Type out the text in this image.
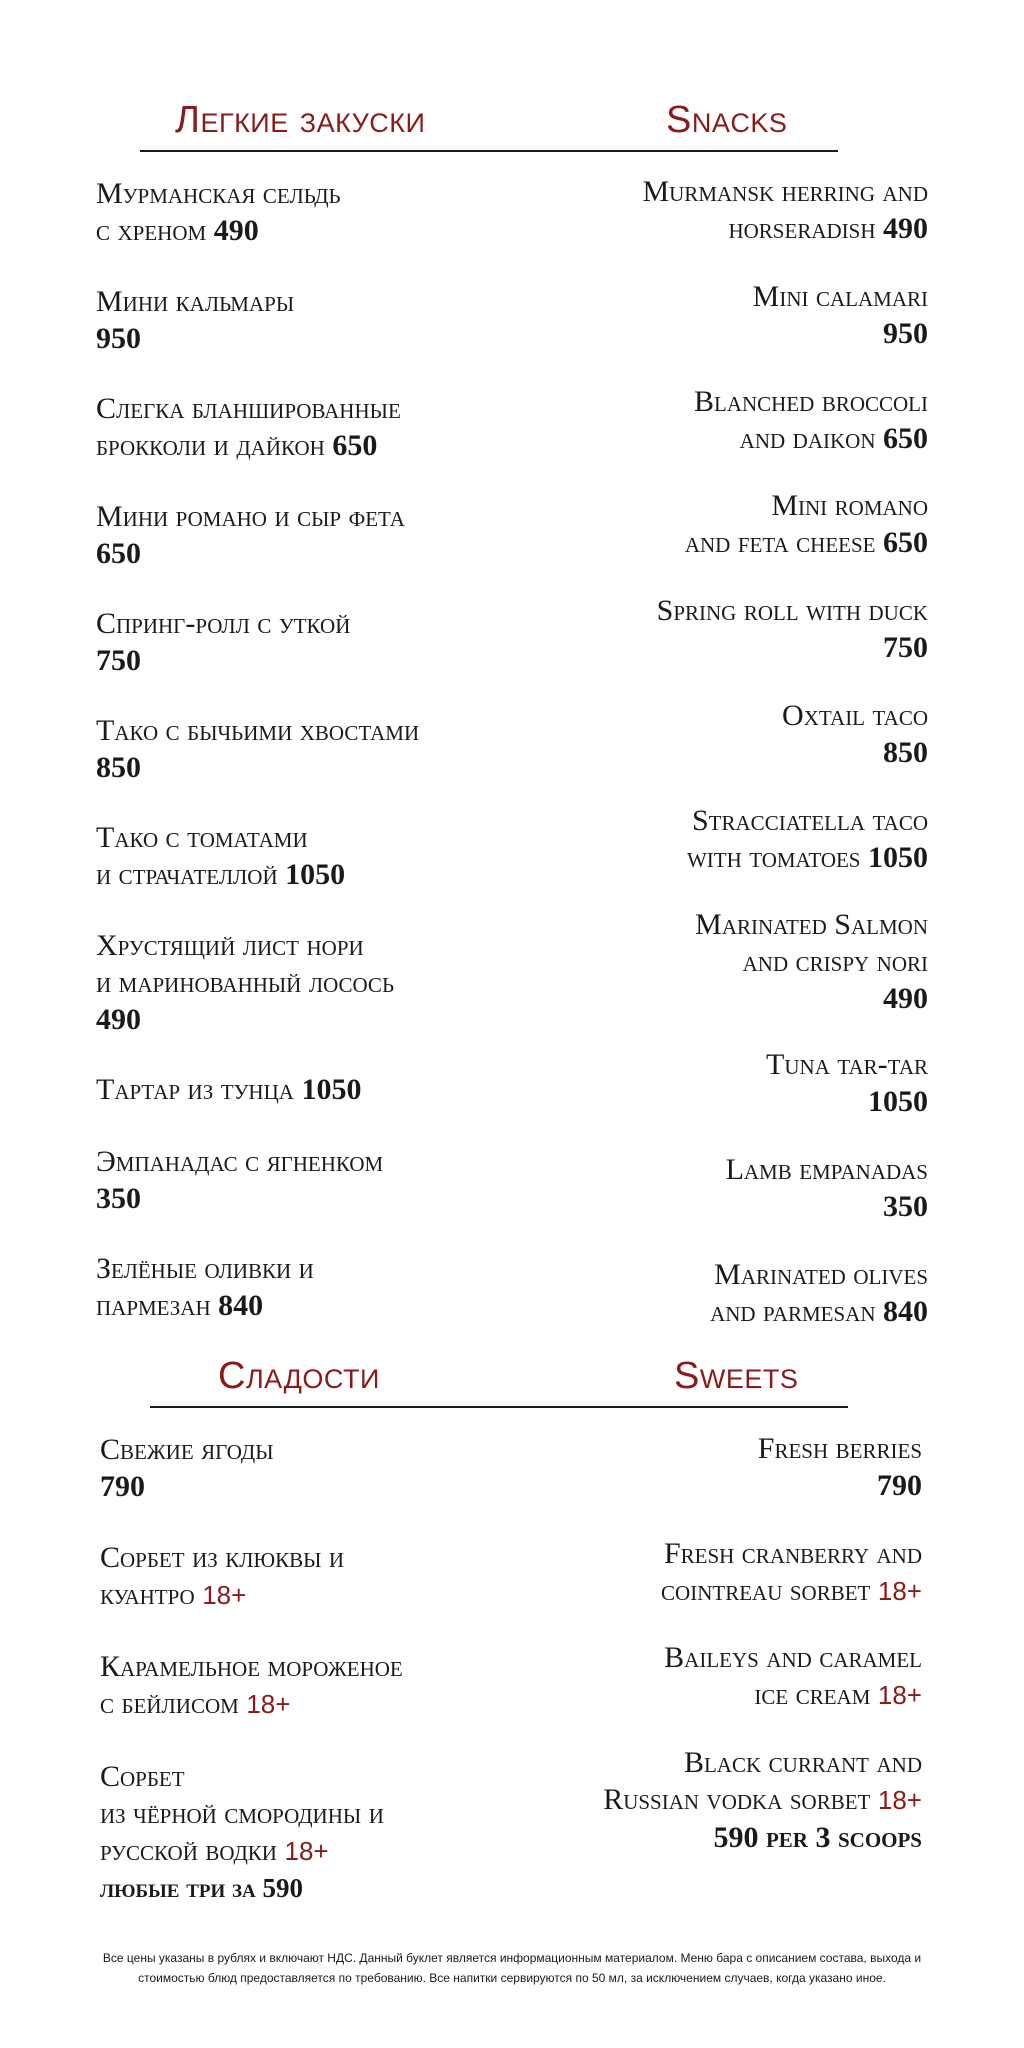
Легкие закуски	Snacks
Мурманская сельдь
с хреном 490
Мини кальмары
950
Слегка бланшированные
брокколи и дайкон 650
Мини романо и сыр фета
650
Спринг-ролл с уткой
750
Тако с бычьими хвостами
850
Тако с томатами
и страчателлой 1050
Хрустящий лист нори
и маринованный лосось
490
Тартар из тунца 1050
Эмпанадас с ягненком
350
Зелёные оливки и
пармезан 840
Murmansk herring and
horseradish 490
Mini calamari
950
Blanched broccoli
and daikon 650
Mini romano
and feta cheese 650
Spring roll with duck
750
Oxtail taco
850
Stracciatella taco
with tomatoes 1050
Marinated Salmon
and crispy nori
490
Tuna tar-tar
1050
Lamb empanadas
350
Marinated olives
and parmesan 840
Сладости	Sweets
Свежие ягоды
790
Сорбет из клюквы и
куантро 18+
Карамельное мороженое
с бейлисом 18+
Сорбет
из чёрной смородины и
русской водки 18+
любые три за 590
Fresh berries
790
Fresh cranberry and
cointreau sorbet 18+
Baileys and caramel
ice cream 18+
Black currant and
Russian vodka sorbet 18+
590 per 3 scoops
Все цены указаны в рублях и включают НДС. Данный буклет является информационным материалом. Меню бара с описанием состава, выхода и
стоимостью блюд предоставляется по требованию. Все напитки сервируются по 50 мл, за исключением случаев, когда указано иное.
